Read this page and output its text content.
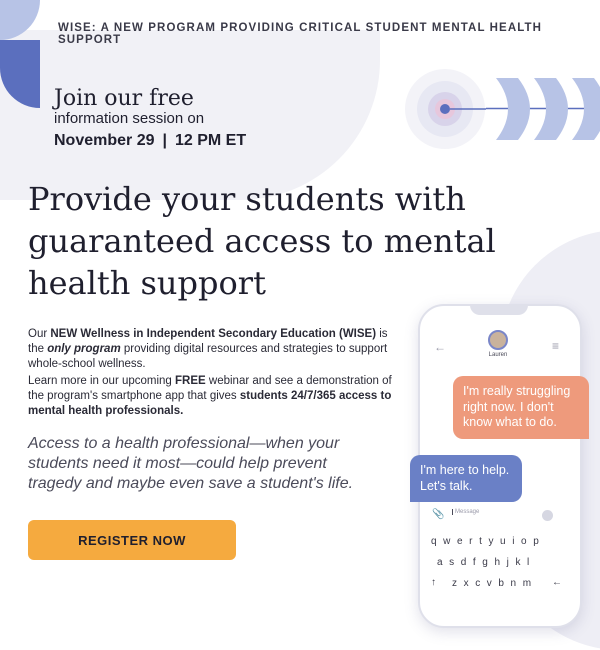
WISE: A NEW PROGRAM PROVIDING CRITICAL STUDENT MENTAL HEALTH SUPPORT
Join our free
information session on
November 29 | 12 PM ET
Provide your students with
guaranteed access to mental
health support
Our NEW Wellness in Independent Secondary Education (WISE) is the only program providing digital resources and strategies to support whole-school wellness.
Learn more in our upcoming FREE webinar and see a demonstration of the program's smartphone app that gives students 24/7/365 access to mental health professionals.
Access to a health professional—when your students need it most—could help prevent tragedy and maybe even save a student's life.
REGISTER NOW
←
Lauren
≡
I'm really struggling right now. I don't know what to do.
I'm here to help. Let's talk.
📎	Message
qwertyuiop
asdfghjkl
↑ zxcvbnm ←
